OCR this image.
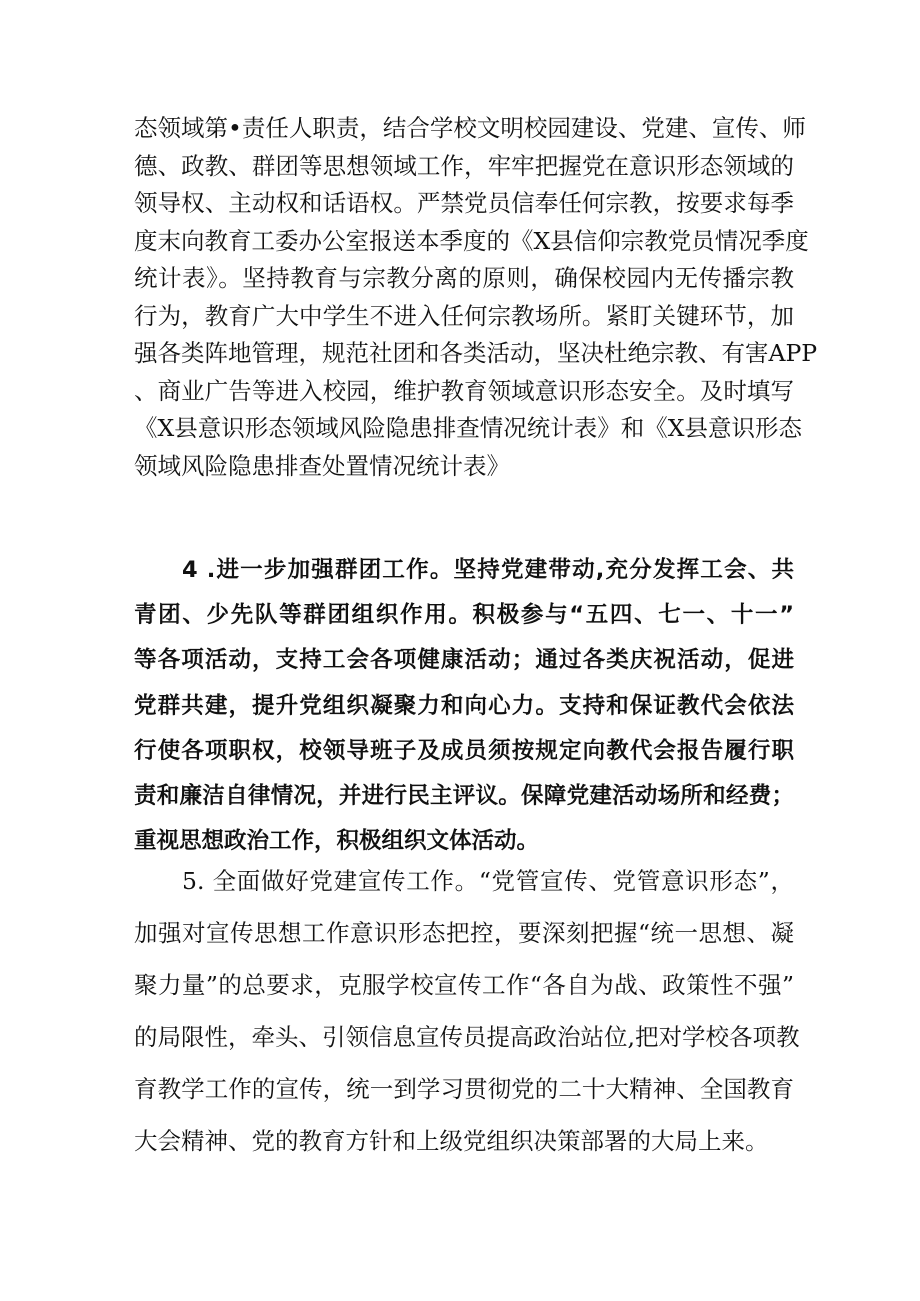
态领域第•责任人职责，结合学校文明校园建设、党建、宣传、师
德、政教、群团等思想领域工作，牢牢把握党在意识形态领域的
领导权、主动权和话语权。严禁党员信奉任何宗教，按要求每季
度末向教育工委办公室报送本季度的《X县信仰宗教党员情况季度
统计表》。坚持教育与宗教分离的原则，确保校园内无传播宗教
行为，教育广大中学生不进入任何宗教场所。紧盯关键环节，加
强各类阵地管理，规范社团和各类活动，坚决杜绝宗教、有害APP
、商业广告等进入校园，维护教育领域意识形态安全。及时填写
《X县意识形态领域风险隐患排查情况统计表》和《X县意识形态
领域风险隐患排查处置情况统计表》
4 .进一步加强群团工作。坚持党建带动,充分发挥工会、共
青团、少先队等群团组织作用。积极参与“五四、七一、十一”
等各项活动，支持工会各项健康活动；通过各类庆祝活动，促进
党群共建，提升党组织凝聚力和向心力。支持和保证教代会依法
行使各项职权，校领导班子及成员须按规定向教代会报告履行职
责和廉洁自律情况，并进行民主评议。保障党建活动场所和经费；
重视思想政治工作，积极组织文体活动。
5. 全面做好党建宣传工作。“党管宣传、党管意识形态”，
加强对宣传思想工作意识形态把控，要深刻把握“统一思想、凝
聚力量”的总要求，克服学校宣传工作“各自为战、政策性不强”
的局限性，牵头、引领信息宣传员提高政治站位,把对学校各项教
育教学工作的宣传，统一到学习贯彻党的二十大精神、全国教育
大会精神、党的教育方针和上级党组织决策部署的大局上来。
